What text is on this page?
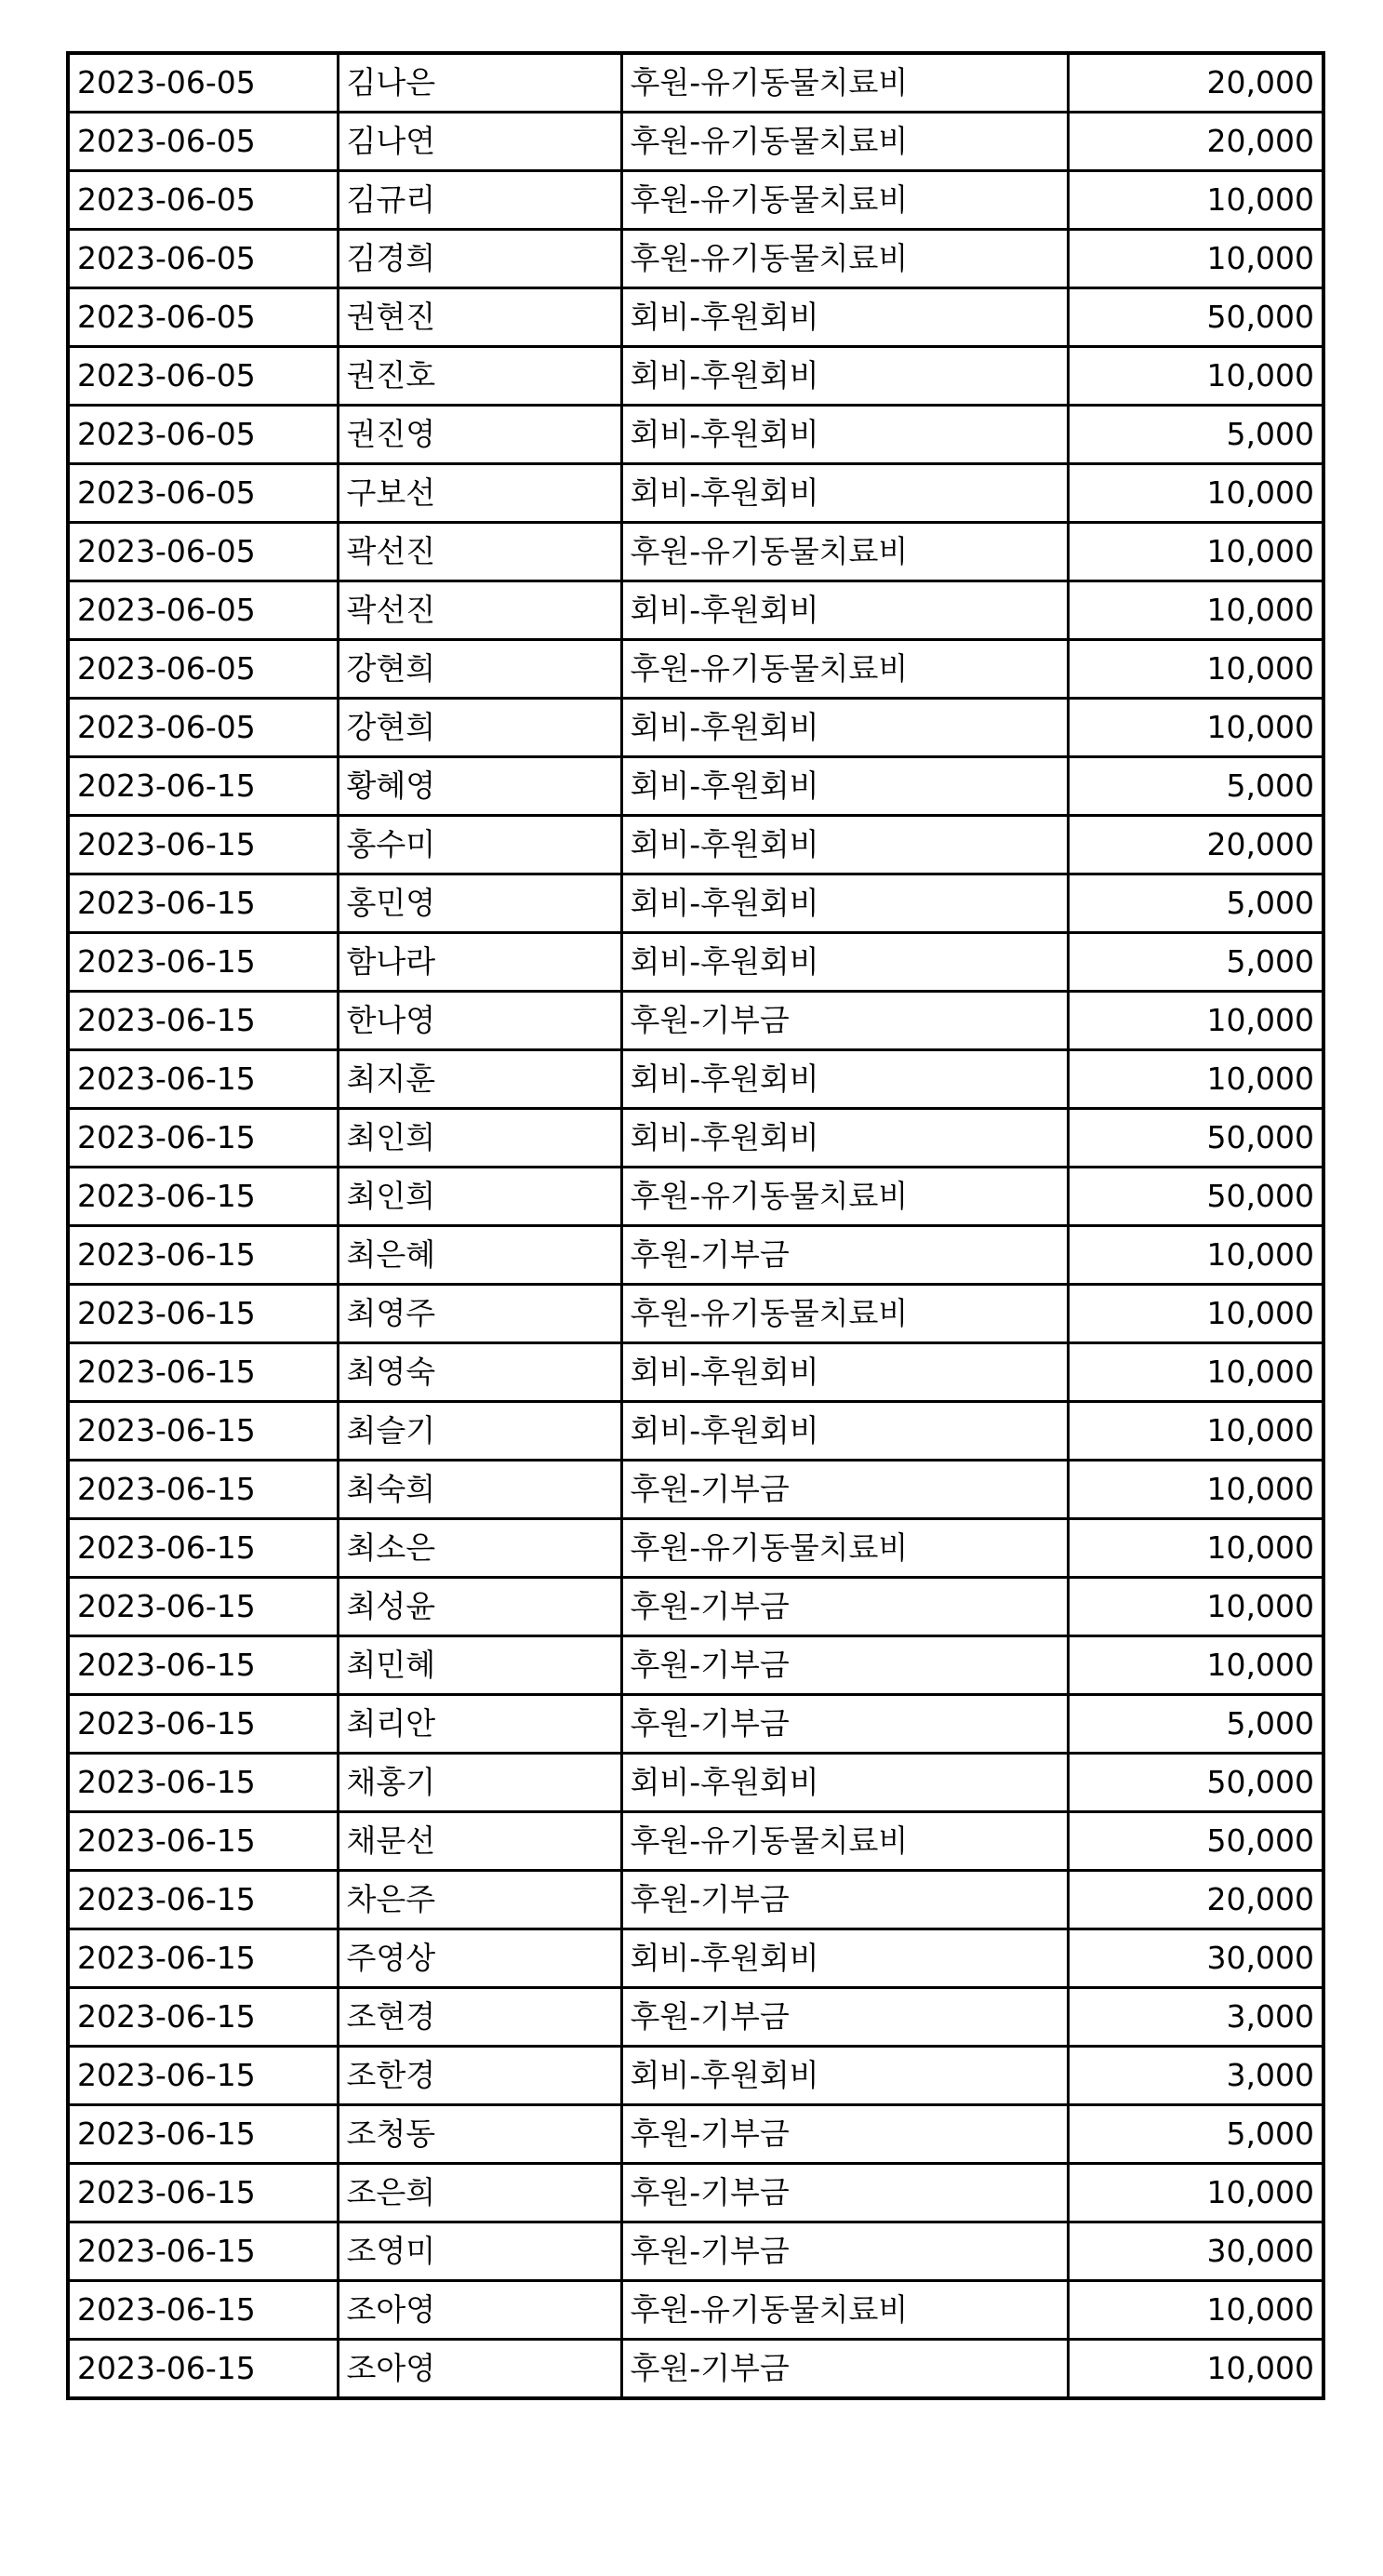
2023-06-05	김나은	후원-유기동물치료비	20,000
2023-06-05	김나연	후원-유기동물치료비	20,000
2023-06-05	김규리	후원-유기동물치료비	10,000
2023-06-05	김경희	후원-유기동물치료비	10,000
2023-06-05	권현진	회비-후원회비	50,000
2023-06-05	권진호	회비-후원회비	10,000
2023-06-05	권진영	회비-후원회비	5,000
2023-06-05	구보선	회비-후원회비	10,000
2023-06-05	곽선진	후원-유기동물치료비	10,000
2023-06-05	곽선진	회비-후원회비	10,000
2023-06-05	강현희	후원-유기동물치료비	10,000
2023-06-05	강현희	회비-후원회비	10,000
2023-06-15	황혜영	회비-후원회비	5,000
2023-06-15	홍수미	회비-후원회비	20,000
2023-06-15	홍민영	회비-후원회비	5,000
2023-06-15	함나라	회비-후원회비	5,000
2023-06-15	한나영	후원-기부금	10,000
2023-06-15	최지훈	회비-후원회비	10,000
2023-06-15	최인희	회비-후원회비	50,000
2023-06-15	최인희	후원-유기동물치료비	50,000
2023-06-15	최은혜	후원-기부금	10,000
2023-06-15	최영주	후원-유기동물치료비	10,000
2023-06-15	최영숙	회비-후원회비	10,000
2023-06-15	최슬기	회비-후원회비	10,000
2023-06-15	최숙희	후원-기부금	10,000
2023-06-15	최소은	후원-유기동물치료비	10,000
2023-06-15	최성윤	후원-기부금	10,000
2023-06-15	최민혜	후원-기부금	10,000
2023-06-15	최리안	후원-기부금	5,000
2023-06-15	채홍기	회비-후원회비	50,000
2023-06-15	채문선	후원-유기동물치료비	50,000
2023-06-15	차은주	후원-기부금	20,000
2023-06-15	주영상	회비-후원회비	30,000
2023-06-15	조현경	후원-기부금	3,000
2023-06-15	조한경	회비-후원회비	3,000
2023-06-15	조청동	후원-기부금	5,000
2023-06-15	조은희	후원-기부금	10,000
2023-06-15	조영미	후원-기부금	30,000
2023-06-15	조아영	후원-유기동물치료비	10,000
2023-06-15	조아영	후원-기부금	10,000
